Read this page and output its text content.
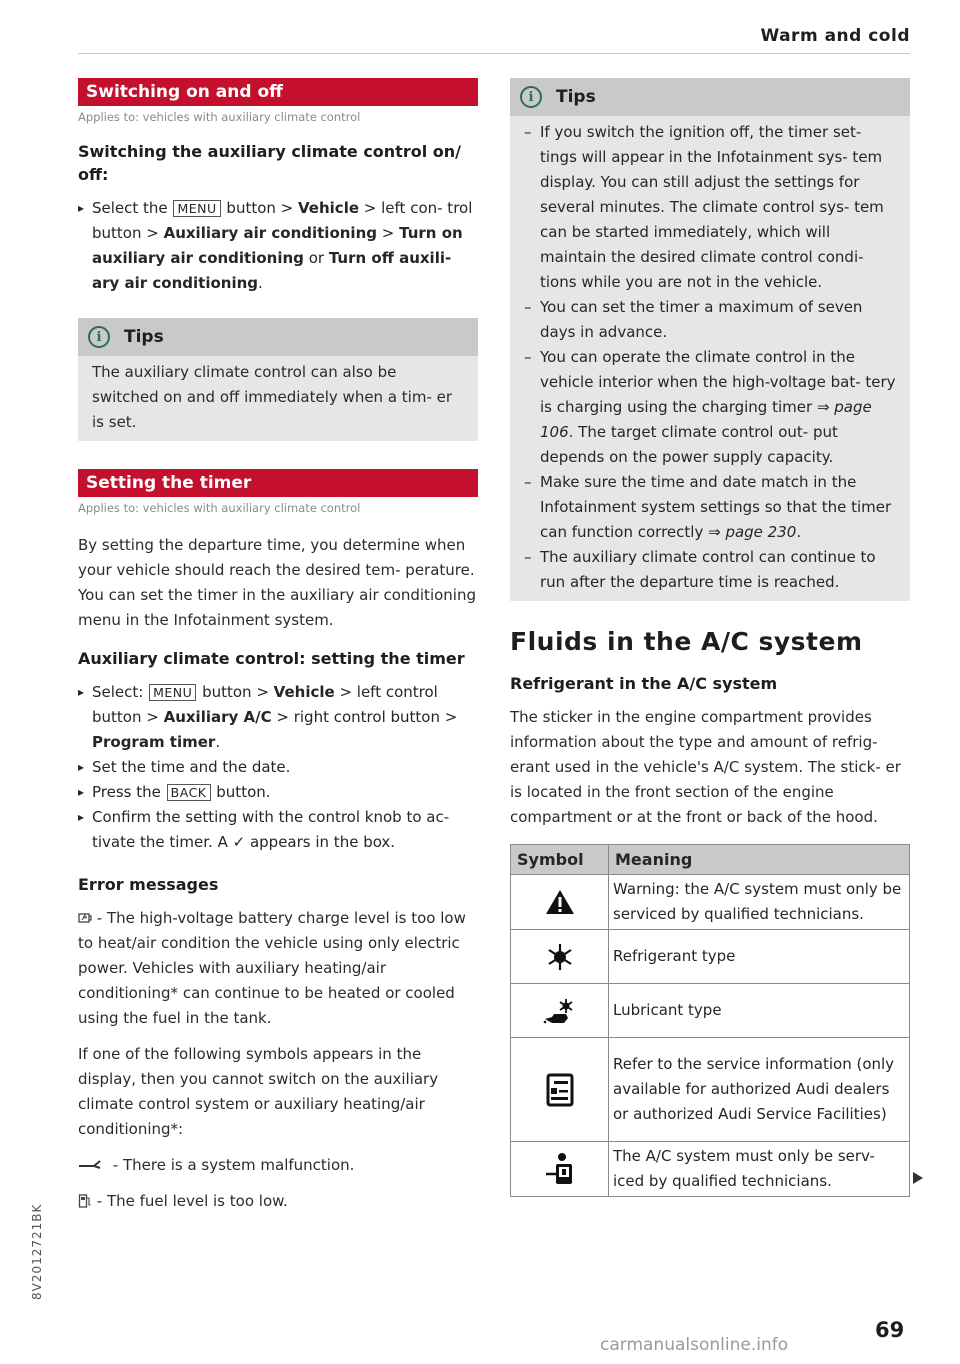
Warm and cold
Switching on and off
Applies to: vehicles with auxiliary climate control
Switching the auxiliary climate control on/ off:
▸ Select the MENU button > Vehicle > left con- trol button > Auxiliary air conditioning > Turn on auxiliary air conditioning or Turn off auxili- ary air conditioning.
i	Tips

The auxiliary climate control can also be switched on and off immediately when a tim- er is set.

Setting the timer
Applies to: vehicles with auxiliary climate control

By setting the departure time, you determine when your vehicle should reach the desired tem- perature. You can set the timer in the auxiliary air conditioning menu in the Infotainment system.

Auxiliary climate control: setting the timer
▸ Select: MENU button > Vehicle > left control button > Auxiliary A/C > right control button > Program timer.
▸ Set the time and the date.
▸ Press the BACK button.
▸ Confirm the setting with the control knob to ac- tivate the timer. A ✓ appears in the box.
Error messages

- The high-voltage battery charge level is too low to heat/air condition the vehicle using only electric power. Vehicles with auxiliary heating/air conditioning* can continue to be heated or cooled using the fuel in the tank.

If one of the following symbols appears in the display, then you cannot switch on the auxiliary climate control system or auxiliary heating/air conditioning*:

- There is a system malfunction.

- The fuel level is too low.

i	Tips
– If you switch the ignition off, the timer set- tings will appear in the Infotainment sys- tem display. You can still adjust the settings for several minutes. The climate control sys- tem can be started immediately, which will maintain the desired climate control condi- tions while you are not in the vehicle.
– You can set the timer a maximum of seven days in advance.
– You can operate the climate control in the vehicle interior when the high-voltage bat- tery is charging using the charging timer ⇒ page 106. The target climate control out- put depends on the power supply capacity.
– Make sure the time and date match in the Infotainment system settings so that the timer can function correctly ⇒ page 230.
– The auxiliary climate control can continue to run after the departure time is reached.
Fluids in the A/C system
Refrigerant in the A/C system

The sticker in the engine compartment provides information about the type and amount of refrig- erant used in the vehicle's A/C system. The stick- er is located in the front section of the engine compartment or at the front or back of the hood.

Symbol	Meaning

	Warning: the A/C system must only be serviced by qualified technicians.

	Refrigerant type

	Lubricant type

	Refer to the service information (only available for authorized Audi dealers or authorized Audi Service Facilities)

	The A/C system must only be serv- iced by qualified technicians.
8V2012721BK
69
carmanualsonline.info
